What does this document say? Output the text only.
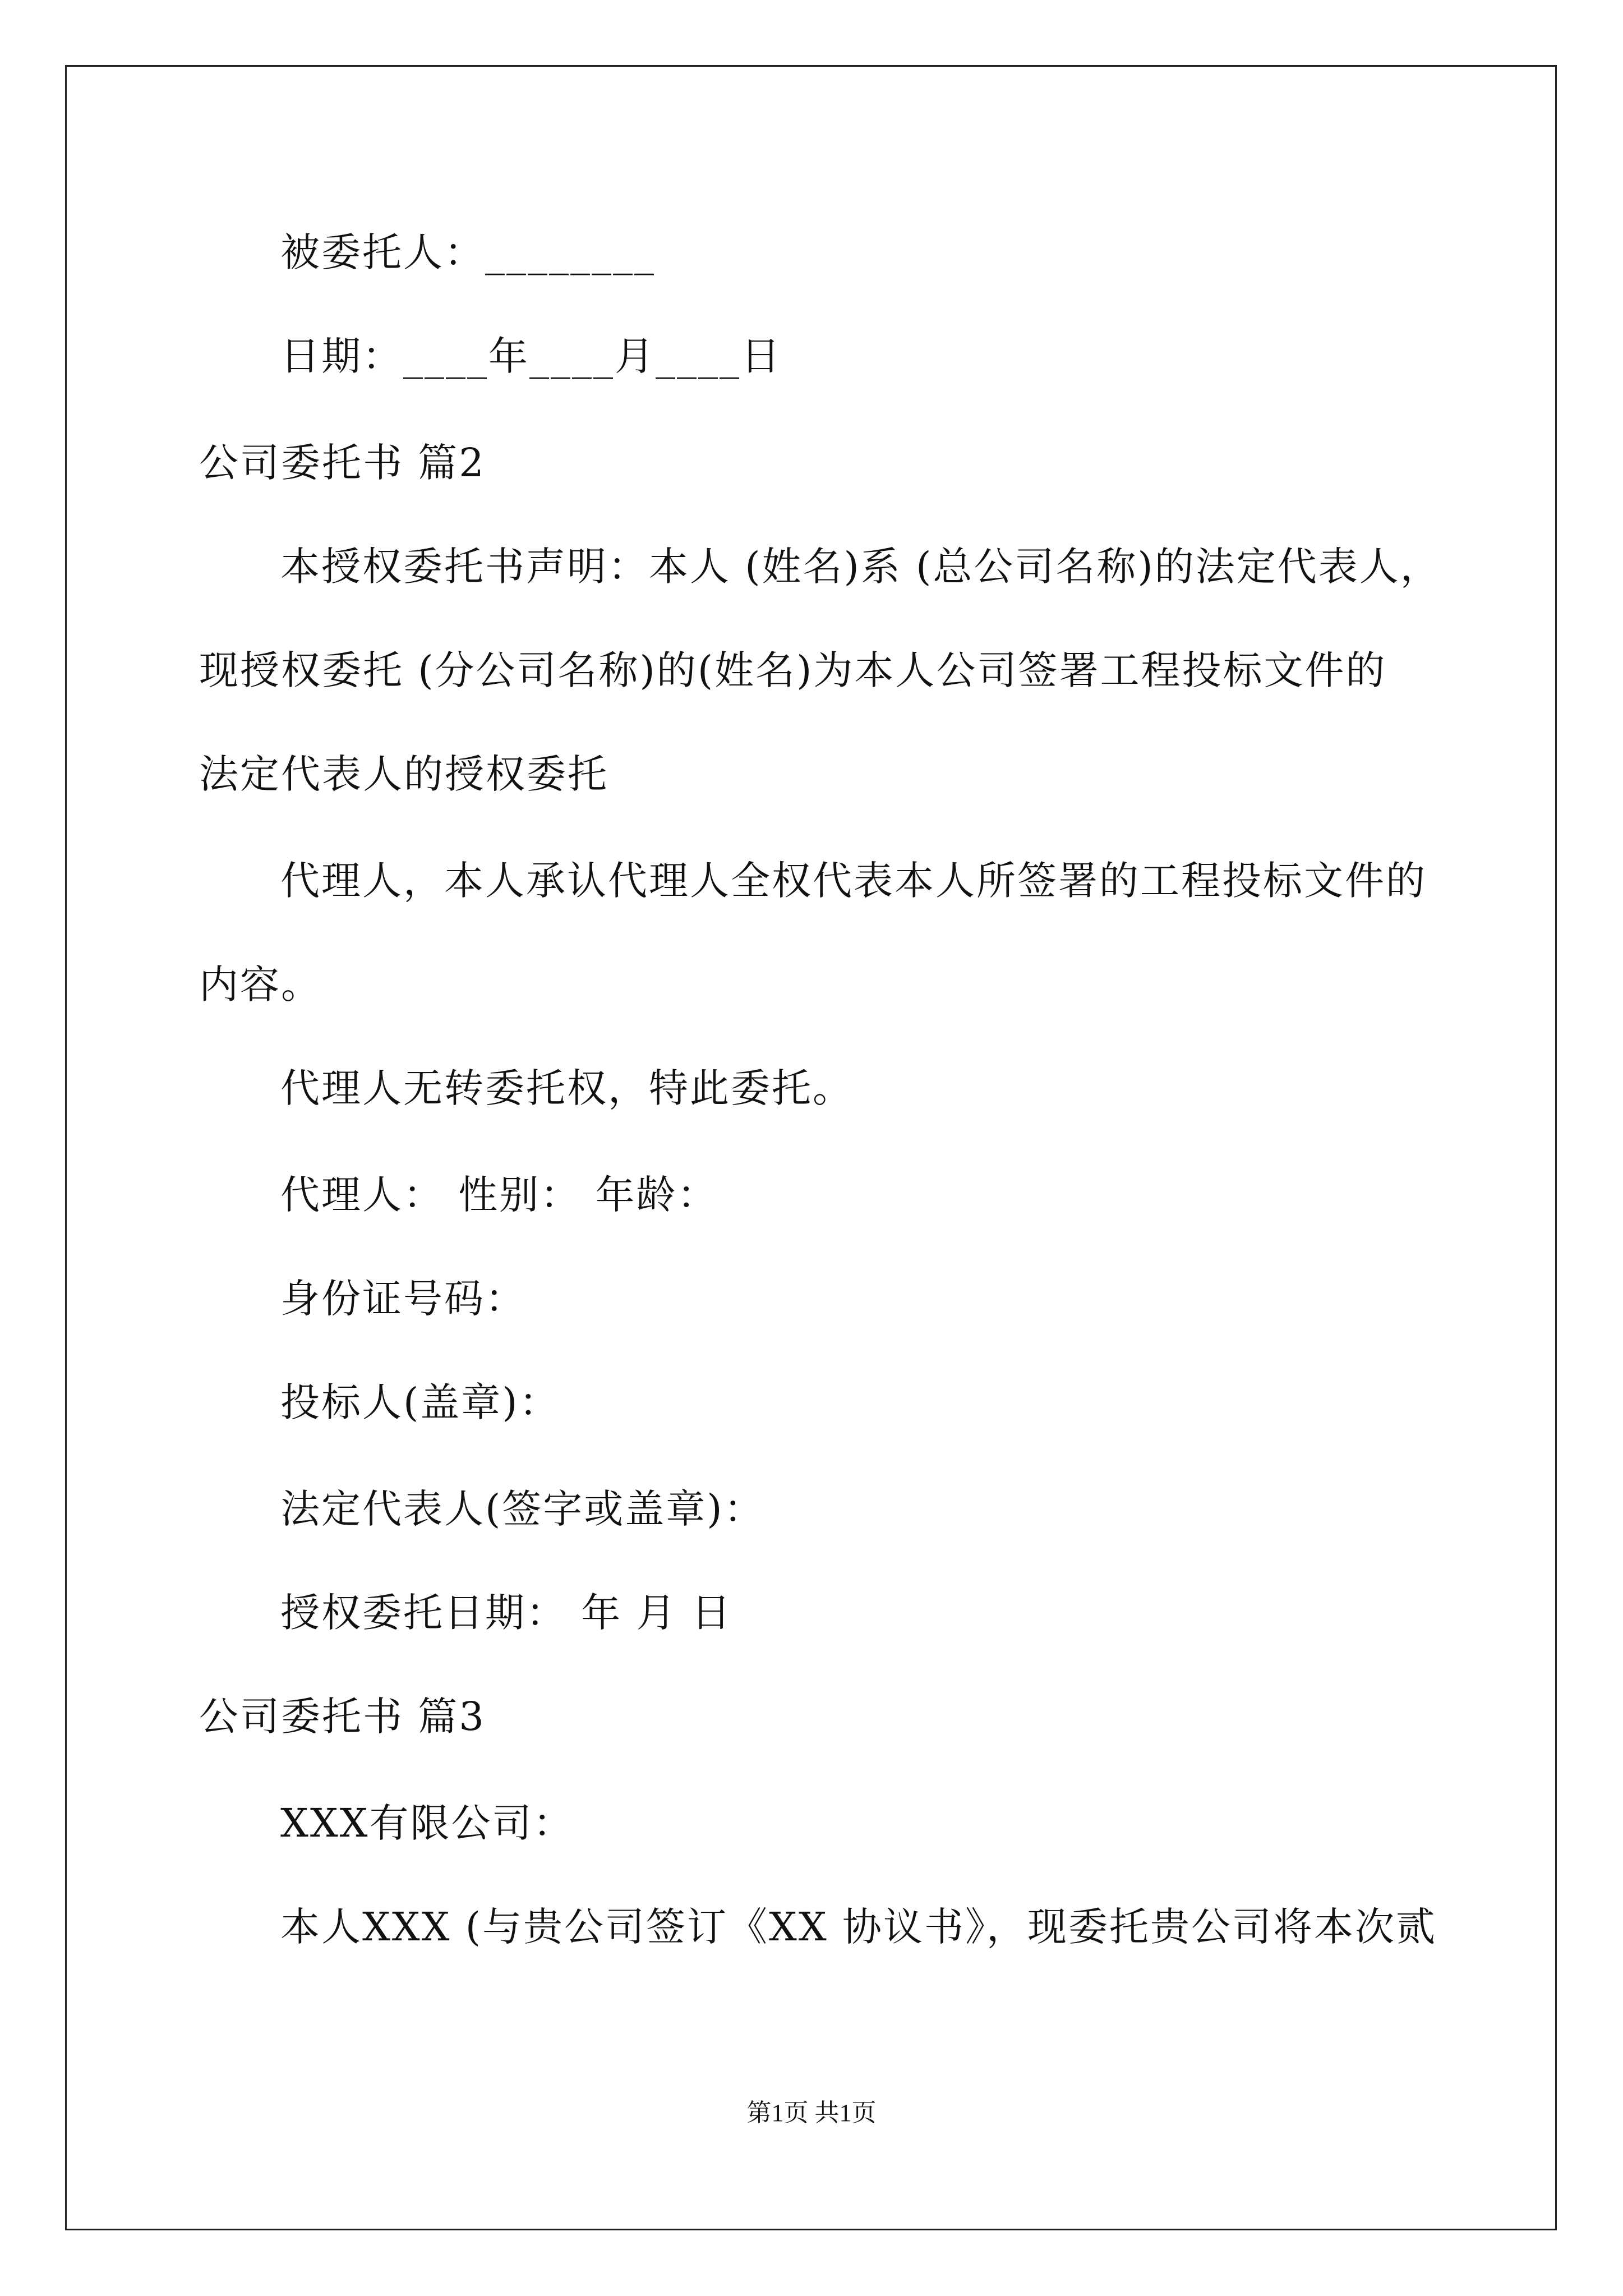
被委托人：________
日期：____年____月____日
公司委托书 篇2
本授权委托书声明：本人 (姓名)系 (总公司名称)的法定代表人，
现授权委托 (分公司名称)的(姓名)为本人公司签署工程投标文件的
法定代表人的授权委托
代理人，本人承认代理人全权代表本人所签署的工程投标文件的
内容。
代理人无转委托权，特此委托。
代理人： 性别： 年龄：
身份证号码：
投标人(盖章)：
法定代表人(签字或盖章)：
授权委托日期： 年 月 日
公司委托书 篇3
XXX有限公司：
本人XXX (与贵公司签订《XX 协议书》，现委托贵公司将本次贰
第1页 共1页
